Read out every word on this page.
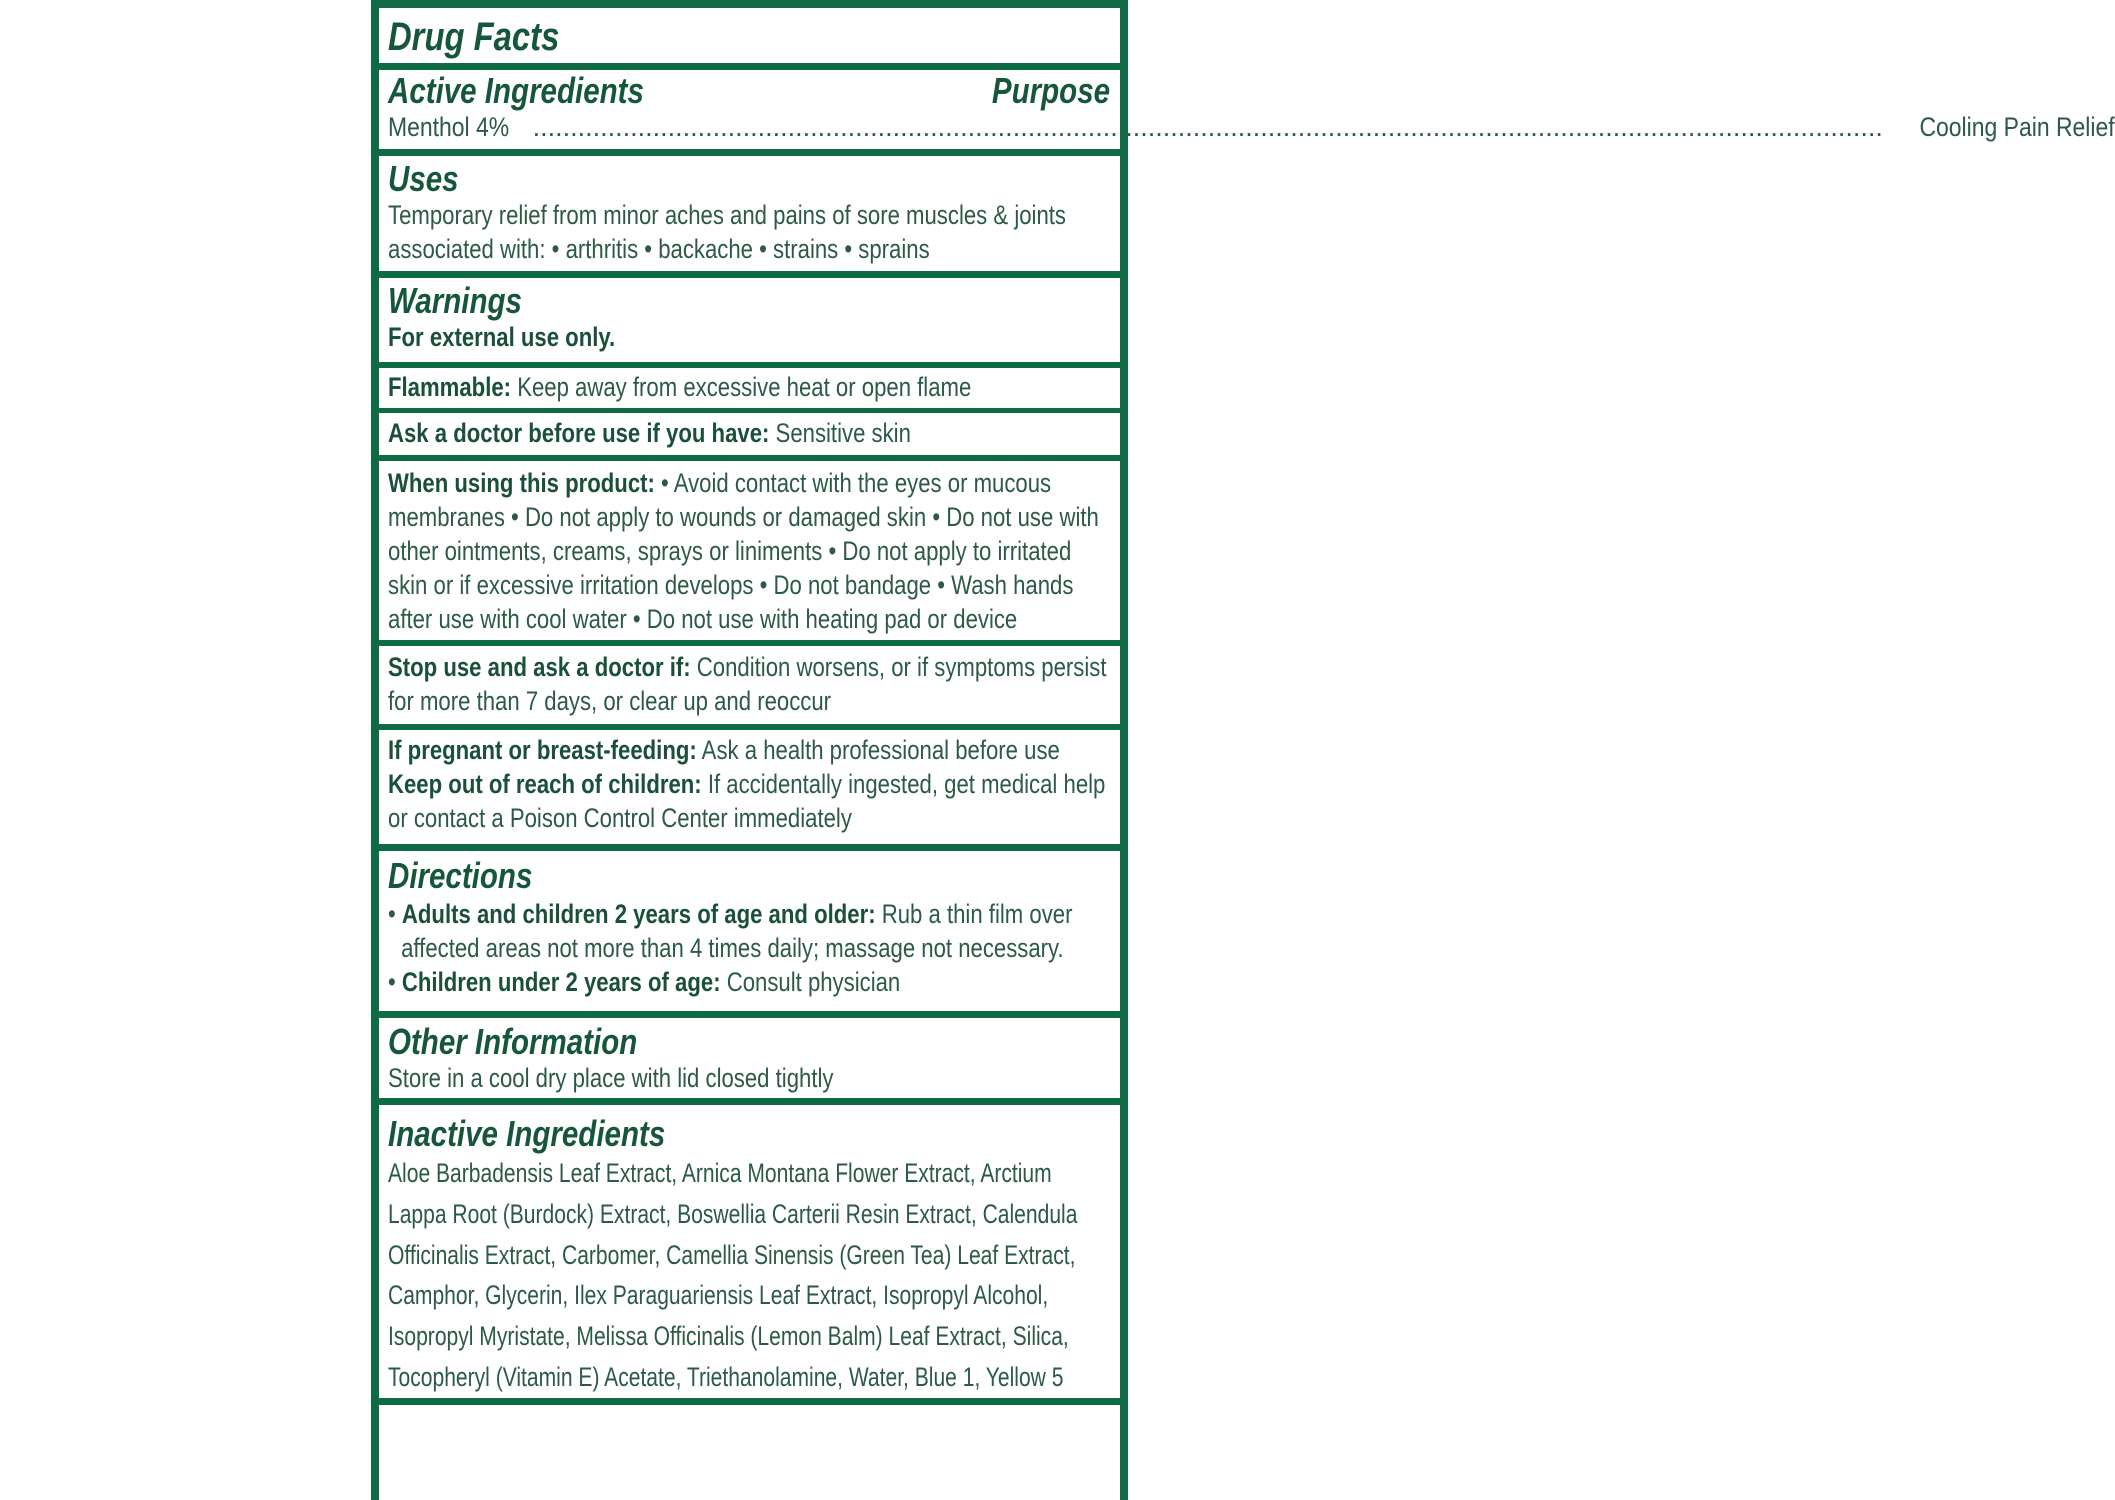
Drug Facts
Active Ingredients	Purpose
Menthol 4% .................................................................................................................................................................................... Cooling Pain Relief
Uses
Temporary relief from minor aches and pains of sore muscles & joints associated with: • arthritis • backache • strains • sprains
Warnings
For external use only.
Flammable: Keep away from excessive heat or open flame
Ask a doctor before use if you have: Sensitive skin
When using this product: • Avoid contact with the eyes or mucous membranes • Do not apply to wounds or damaged skin • Do not use with other ointments, creams, sprays or liniments • Do not apply to irritated skin or if excessive irritation develops • Do not bandage • Wash hands after use with cool water • Do not use with heating pad or device
Stop use and ask a doctor if: Condition worsens, or if symptoms persist for more than 7 days, or clear up and reoccur
If pregnant or breast-feeding: Ask a health professional before use
Keep out of reach of children: If accidentally ingested, get medical help or contact a Poison Control Center immediately
Directions
• Adults and children 2 years of age and older: Rub a thin film over affected areas not more than 4 times daily; massage not necessary.
• Children under 2 years of age: Consult physician
Other Information
Store in a cool dry place with lid closed tightly
Inactive Ingredients
Aloe Barbadensis Leaf Extract, Arnica Montana Flower Extract, Arctium Lappa Root (Burdock) Extract, Boswellia Carterii Resin Extract, Calendula Officinalis Extract, Carbomer, Camellia Sinensis (Green Tea) Leaf Extract, Camphor, Glycerin, Ilex Paraguariensis Leaf Extract, Isopropyl Alcohol, Isopropyl Myristate, Melissa Officinalis (Lemon Balm) Leaf Extract, Silica, Tocopheryl (Vitamin E) Acetate, Triethanolamine, Water, Blue 1, Yellow 5
